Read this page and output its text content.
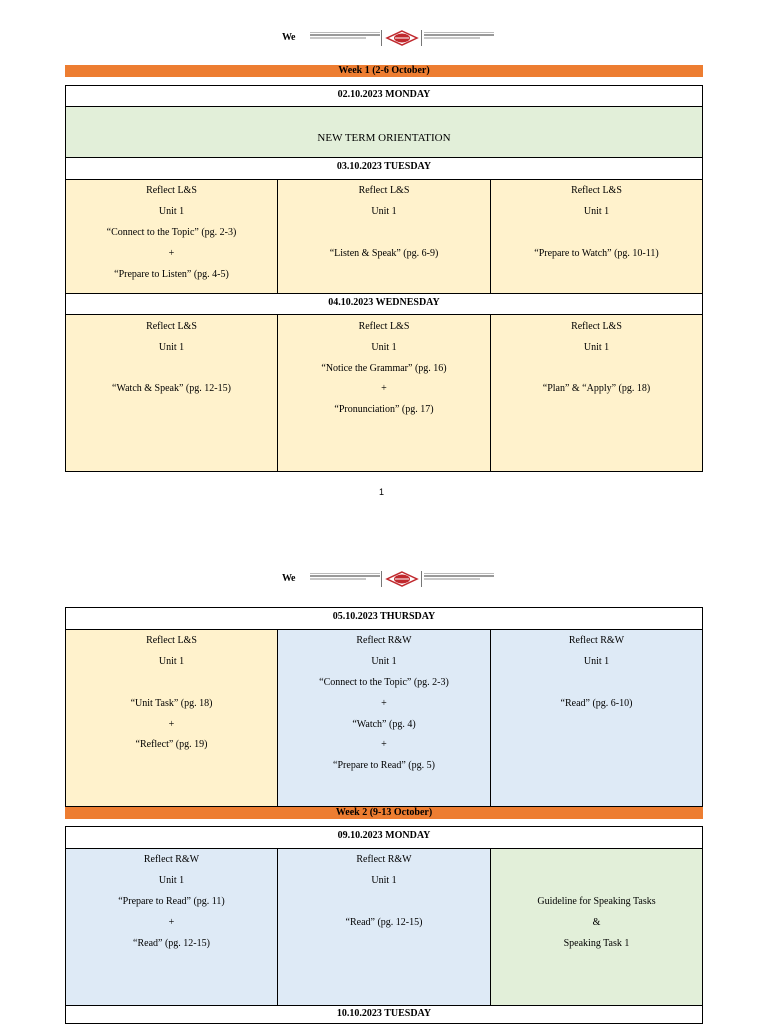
We
Week 1 (2-6 October)
02.10.2023 MONDAY
NEW TERM ORIENTATION
03.10.2023 TUESDAY
Reflect L&S
Unit 1
“Connect to the Topic” (pg. 2-3)
+
“Prepare to Listen” (pg. 4-5)
Reflect L&S
Unit 1
“Listen & Speak” (pg. 6-9)
Reflect L&S
Unit 1
“Prepare to Watch” (pg. 10-11)
04.10.2023 WEDNESDAY
Reflect L&S
Unit 1
“Watch & Speak” (pg. 12-15)
Reflect L&S
Unit 1
“Notice the Grammar” (pg. 16)
+
“Pronunciation” (pg. 17)
Reflect L&S
Unit 1
“Plan” & “Apply” (pg. 18)
1
We
05.10.2023 THURSDAY
Reflect L&S
Unit 1
“Unit Task” (pg. 18)
+
“Reflect” (pg. 19)
Reflect R&W
Unit 1
“Connect to the Topic” (pg. 2-3)
+
“Watch” (pg. 4)
+
“Prepare to Read” (pg. 5)
Reflect R&W
Unit 1
“Read” (pg. 6-10)
Week 2 (9-13 October)
09.10.2023 MONDAY
Reflect R&W
Unit 1
“Prepare to Read” (pg. 11)
+
“Read” (pg. 12-15)
Reflect R&W
Unit 1
“Read” (pg. 12-15)
Guideline for Speaking Tasks
&
Speaking Task 1
10.10.2023 TUESDAY
